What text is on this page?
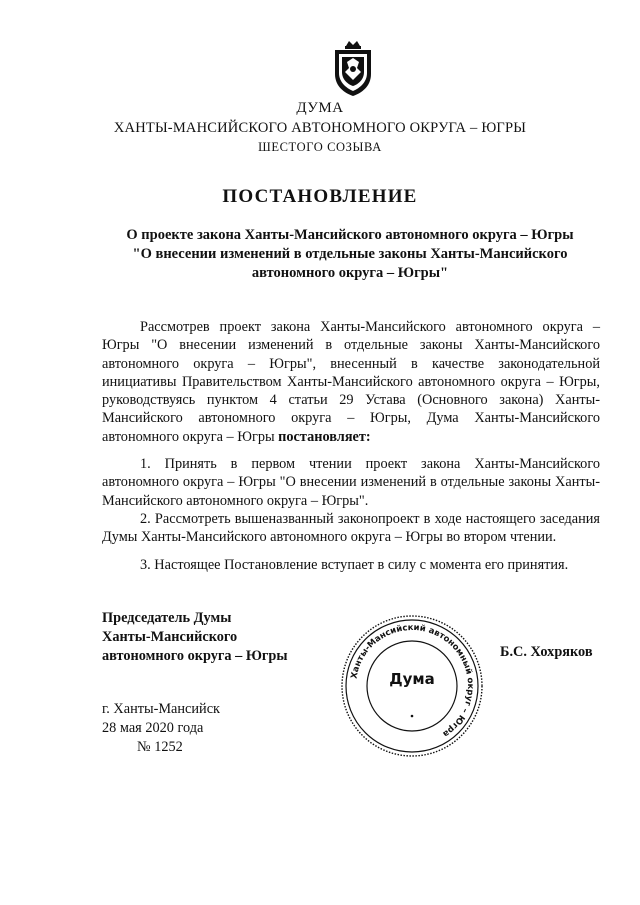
ДУМА
ХАНТЫ-МАНСИЙСКОГО АВТОНОМНОГО ОКРУГА – ЮГРЫ
ШЕСТОГО СОЗЫВА
ПОСТАНОВЛЕНИЕ
О проекте закона Ханты-Мансийского автономного округа – Югры
"О внесении изменений в отдельные законы Ханты-Мансийского
автономного округа – Югры"
Рассмотрев проект закона Ханты-Мансийского автономного округа – Югры "О внесении изменений в отдельные законы Ханты-Мансийского автономного округа – Югры", внесенный в качестве законодательной инициативы Правительством Ханты-Мансийского автономного округа – Югры, руководствуясь пунктом 4 статьи 29 Устава (Основного закона) Ханты-Мансийского автономного округа – Югры, Дума Ханты-Мансийского автономного округа – Югры постановляет:
1. Принять в первом чтении проект закона Ханты-Мансийского автономного округа – Югры "О внесении изменений в отдельные законы Ханты-Мансийского автономного округа – Югры".
2. Рассмотреть вышеназванный законопроект в ходе настоящего заседания Думы Ханты-Мансийского автономного округа – Югры во втором чтении.
3. Настоящее Постановление вступает в силу с момента его принятия.
Председатель Думы
Ханты-Мансийского
автономного округа – Югры
Ханты-Мансийский автономный округ – Югра
Дума
Б.С. Хохряков
г. Ханты-Мансийск
28 мая 2020 года
№ 1252
